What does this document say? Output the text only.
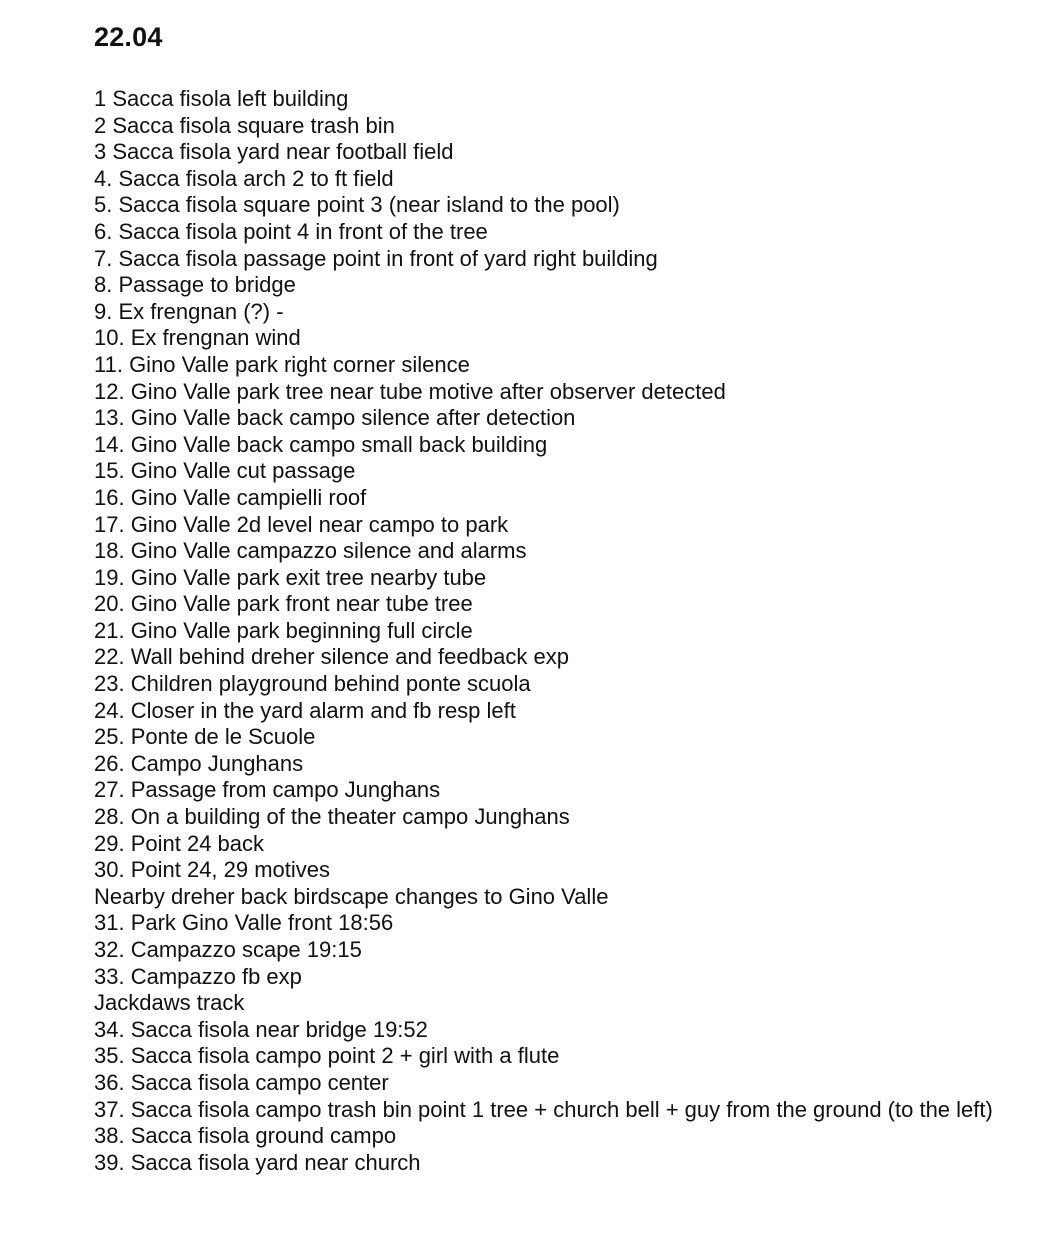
22.04
1 Sacca fisola left building
2 Sacca fisola square trash bin
3 Sacca fisola yard near football field
4. Sacca fisola arch 2 to ft field
5. Sacca fisola square point 3 (near island to the pool)
6. Sacca fisola point 4 in front of the tree
7. Sacca fisola passage point in front of yard right building
8. Passage to bridge
9. Ex frengnan (?) -
10. Ex frengnan wind
11. Gino Valle park right corner silence
12. Gino Valle park tree near tube motive after observer detected
13. Gino Valle back campo silence after detection
14. Gino Valle back campo small back building
15. Gino Valle cut passage
16. Gino Valle campielli roof
17. Gino Valle 2d level near campo to park
18. Gino Valle campazzo silence and alarms
19. Gino Valle park exit tree nearby tube
20. Gino Valle park front near tube tree
21. Gino Valle park beginning full circle
22. Wall behind dreher silence and feedback exp
23. Children playground behind ponte scuola
24. Closer in the yard alarm and fb resp left
25. Ponte de le Scuole
26. Campo Junghans
27. Passage from campo Junghans
28. On a building of the theater campo Junghans
29. Point 24 back
30. Point 24, 29 motives
Nearby dreher back birdscape changes to Gino Valle
31. Park Gino Valle front 18:56
32. Campazzo scape 19:15
33. Campazzo fb exp
Jackdaws track
34. Sacca fisola near bridge 19:52
35. Sacca fisola campo point 2 + girl with a flute
36. Sacca fisola campo center
37. Sacca fisola campo trash bin point 1 tree + church bell + guy from the ground (to the left)
38. Sacca fisola ground campo
39. Sacca fisola yard near church
